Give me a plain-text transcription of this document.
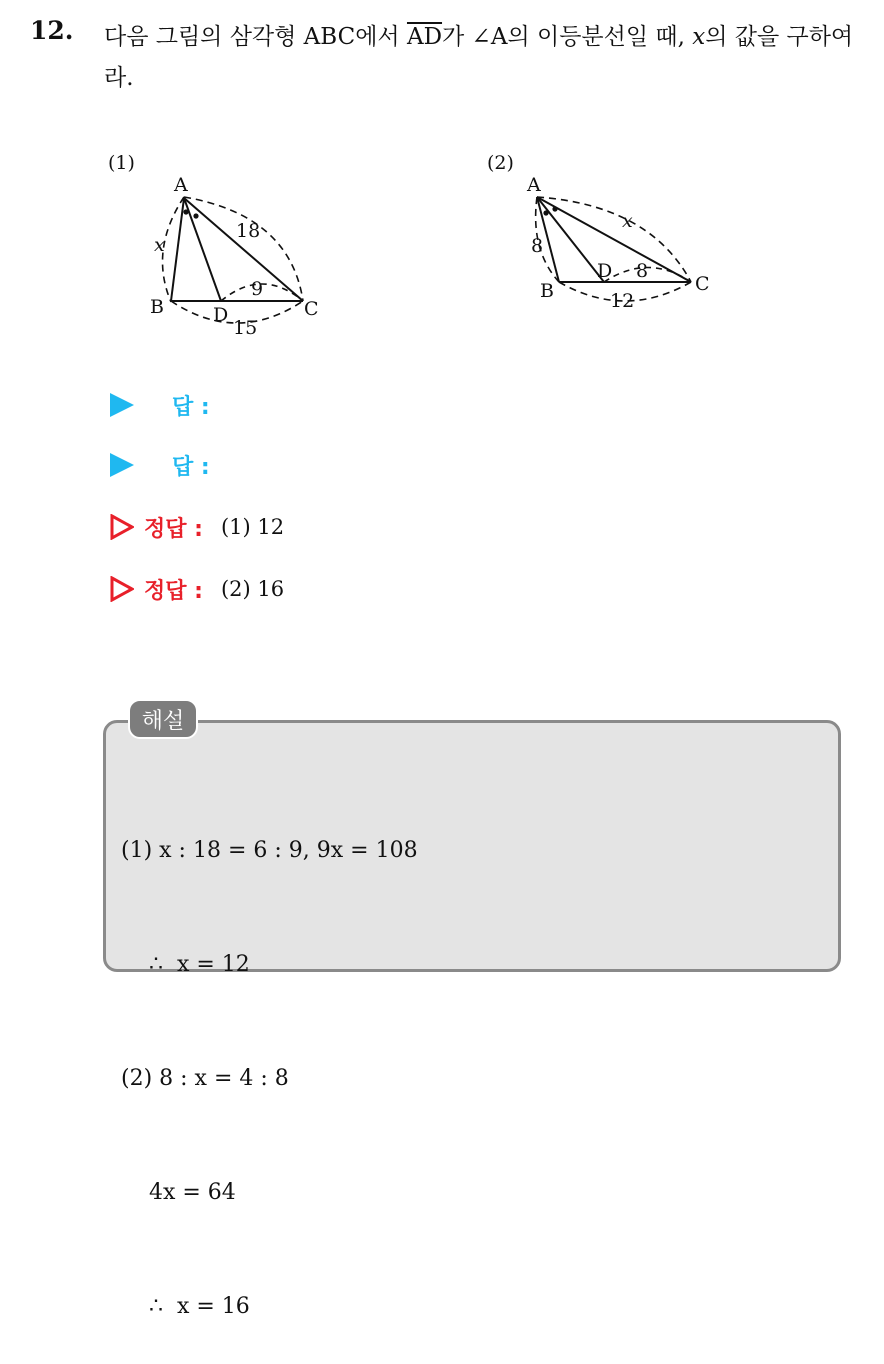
12. 다음 그림의 삼각형 ABC에서 $\overline{AD}$가 ∠A의 이등분선일 때, x의 값을 구하여라.
(1)
A
B	C
D
x
18
9
15
(2)
A
B	C
D
8
x
8
12
답 :
답 :
정답 : (1) 12
정답 : (2) 16
해설

(1) x : 18 = 6 : 9, 9x = 108

∴  x = 12

(2) 8 : x = 4 : 8

4x = 64

∴  x = 16
